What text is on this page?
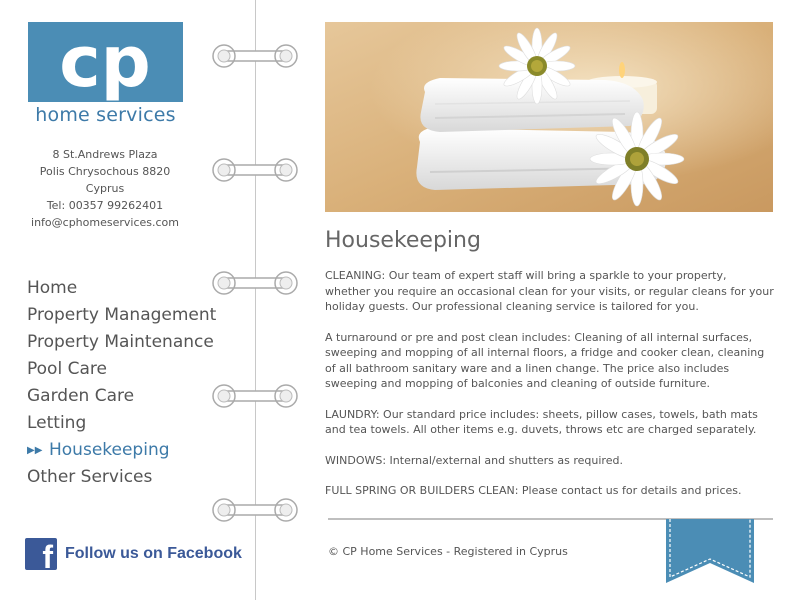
cp
home services
8 St.Andrews Plaza
Polis Chrysochous 8820
Cyprus
Tel: 00357 99262401
info@cphomeservices.com
Home
Property Management
Property Maintenance
Pool Care
Garden Care
Letting
▶▶ Housekeeping
Other Services
f Follow us on Facebook
Housekeeping

CLEANING: Our team of expert staff will bring a sparkle to your property, whether you require an occasional clean for your visits, or regular cleans for your holiday guests. Our professional cleaning service is tailored for you.

A turnaround or pre and post clean includes: Cleaning of all internal surfaces, sweeping and mopping of all internal floors, a fridge and cooker clean, cleaning of all bathroom sanitary ware and a linen change. The price also includes sweeping and mopping of balconies and cleaning of outside furniture.

LAUNDRY: Our standard price includes: sheets, pillow cases, towels, bath mats and tea towels. All other items e.g. duvets, throws etc are charged separately.

WINDOWS: Internal/external and shutters as required.

FULL SPRING OR BUILDERS CLEAN: Please contact us for details and prices.

© CP Home Services - Registered in Cyprus
